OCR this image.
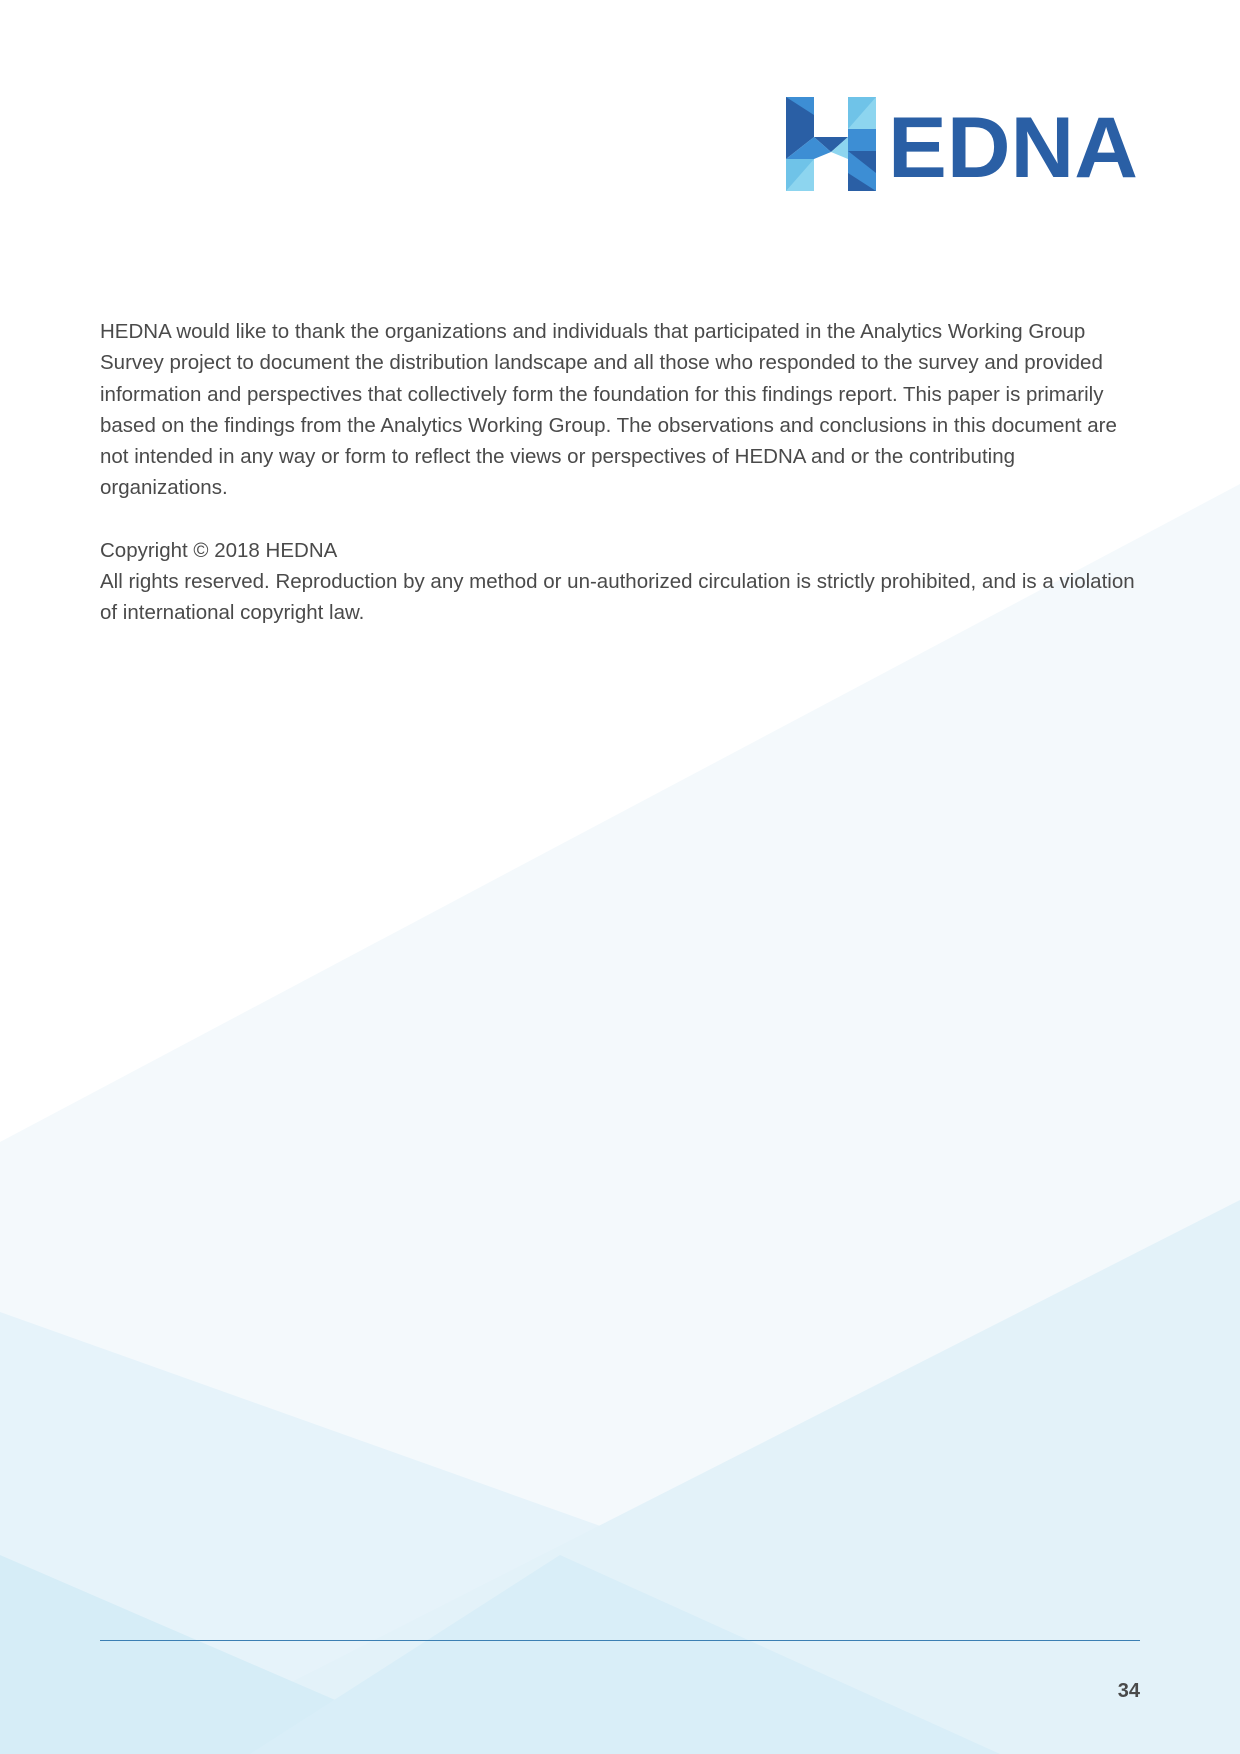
EDNA

HEDNA would like to thank the organizations and individuals that participated in the Analytics Working Group Survey project to document the distribution landscape and all those who responded to the survey and provided information and perspectives that collectively form the foundation for this findings report. This paper is primarily based on the findings from the Analytics Working Group. The observations and conclusions in this document are not intended in any way or form to reflect the views or perspectives of HEDNA and or the contributing organizations.

Copyright © 2018 HEDNA

All rights reserved. Reproduction by any method or un-authorized circulation is strictly prohibited, and is a violation of international copyright law.

34
